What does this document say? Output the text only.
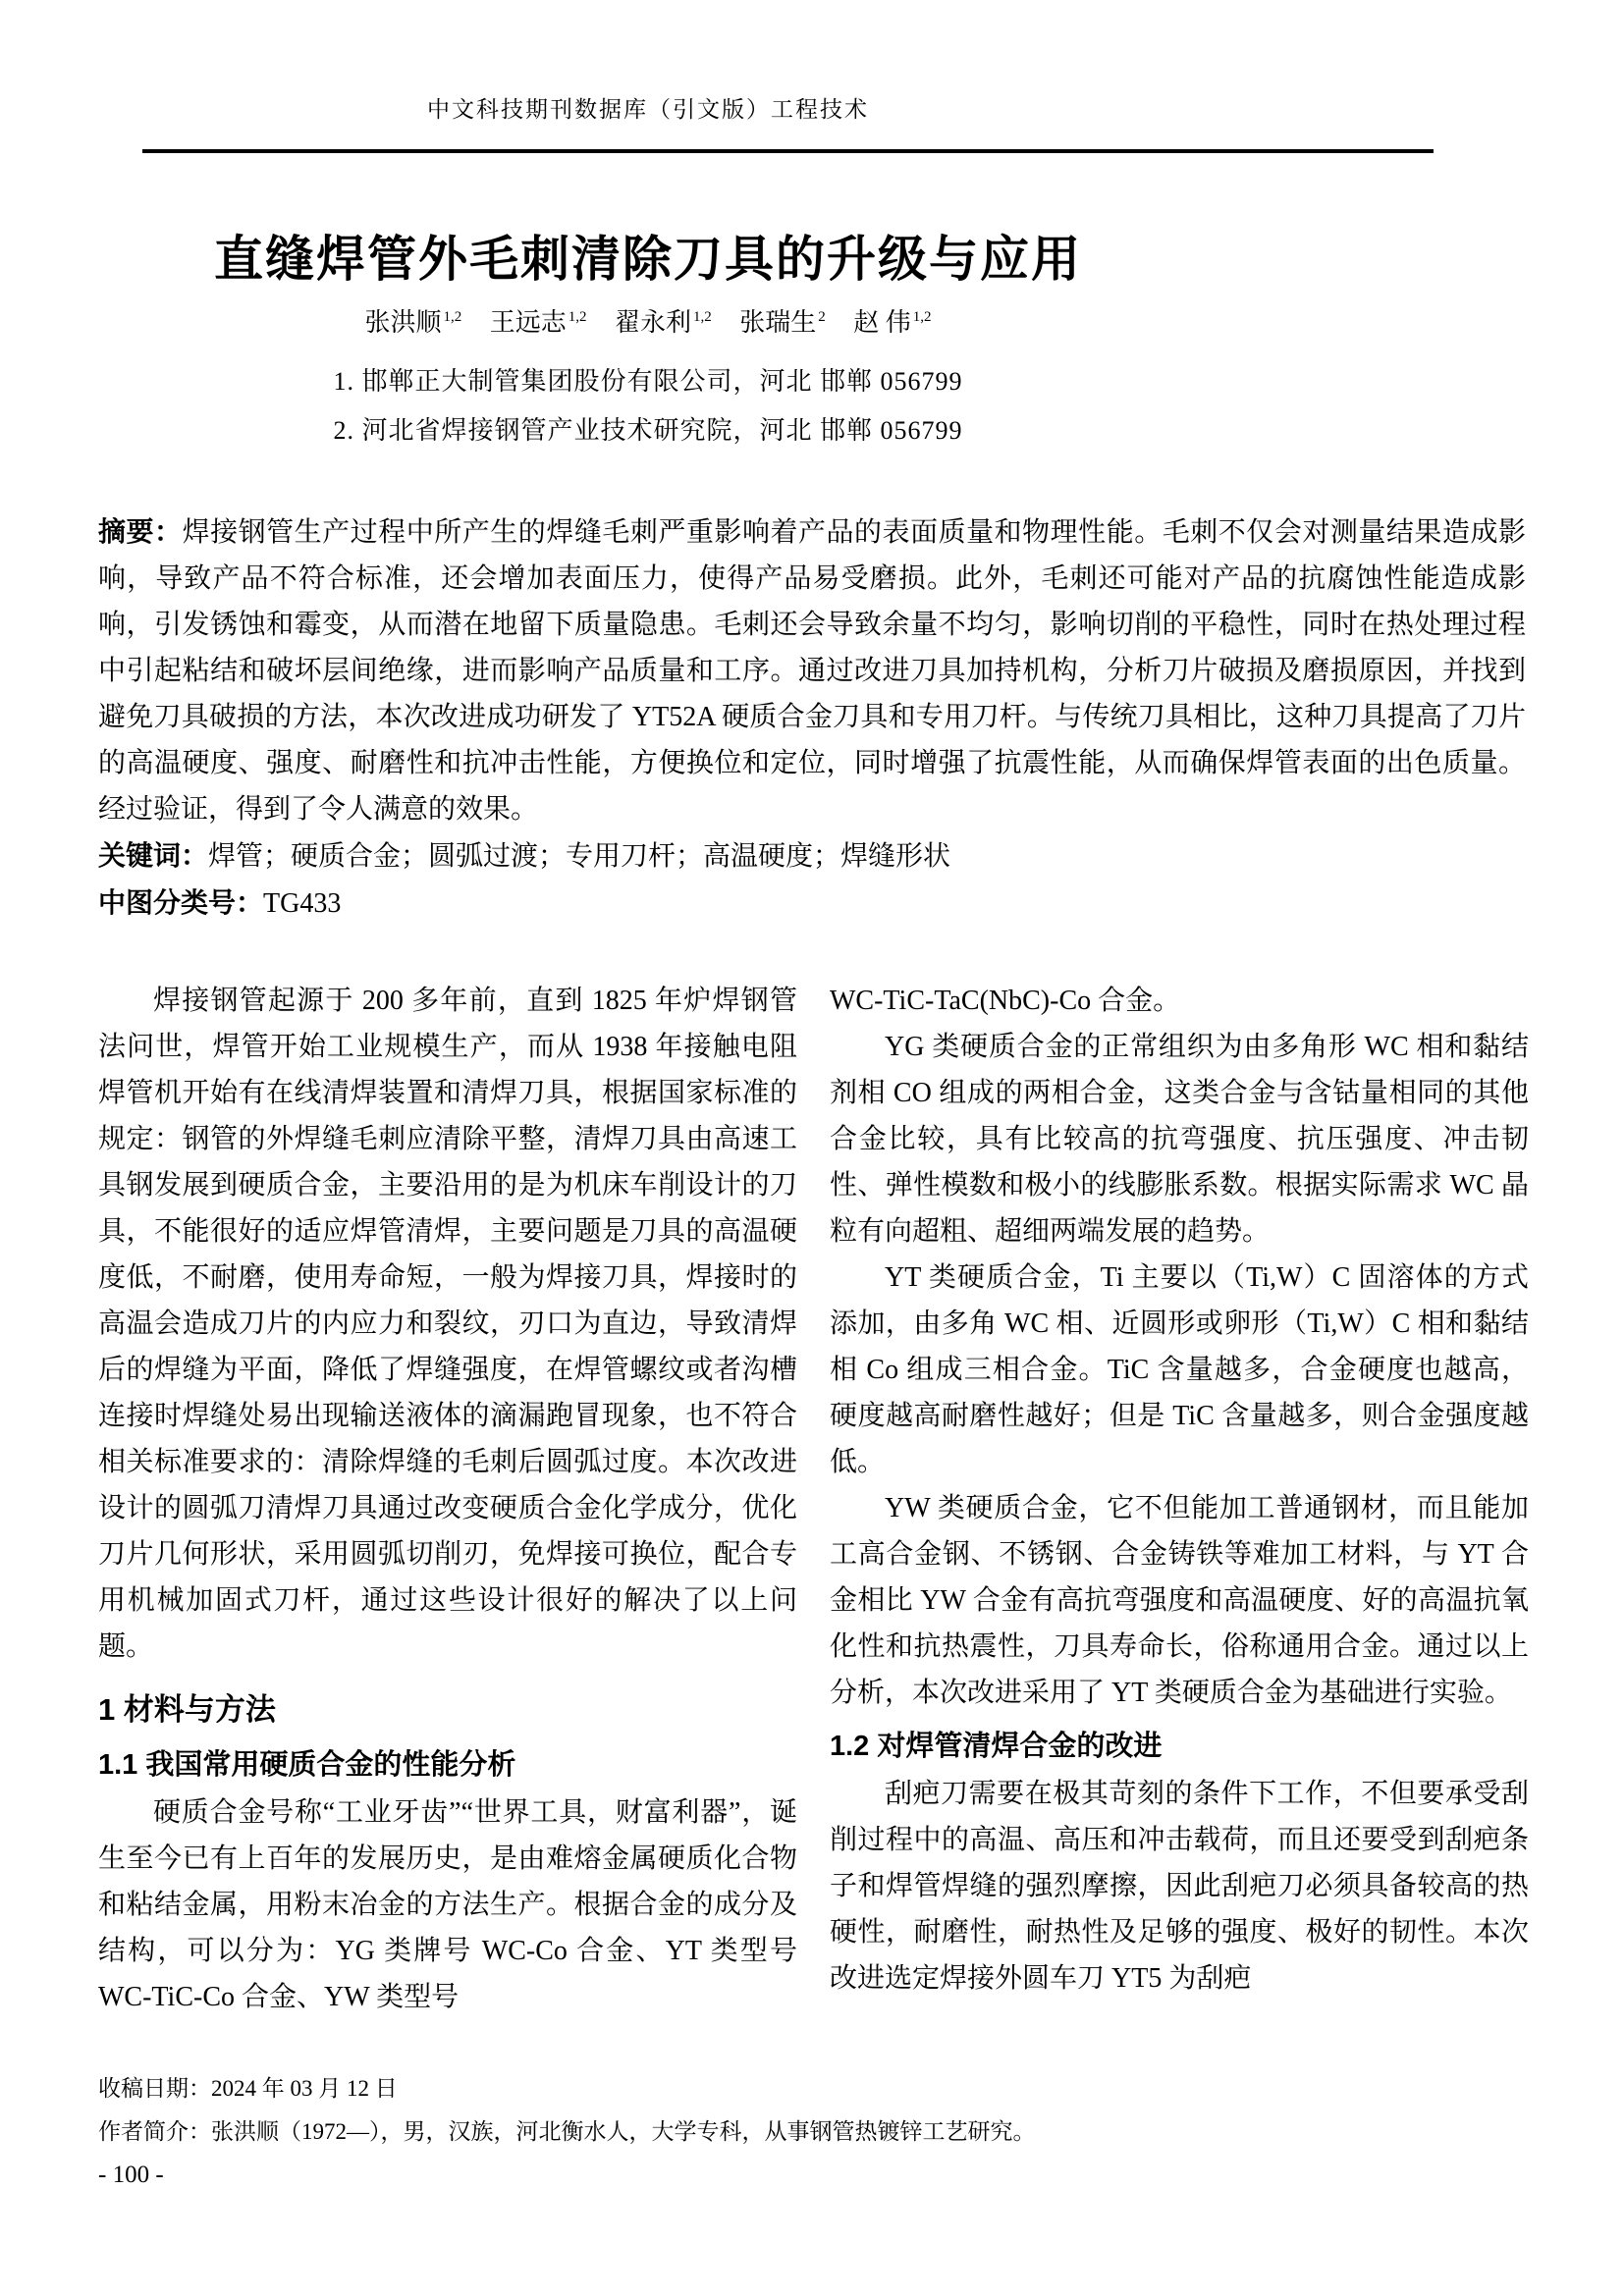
中文科技期刊数据库（引文版）工程技术
直缝焊管外毛刺清除刀具的升级与应用
张洪顺 $^{1,2}$ 王远志 $^{1,2}$ 翟永利 $^{1,2}$ 张瑞生 $^2$ 赵 伟 $^{1,2}$
1. 邯郸正大制管集团股份有限公司，河北 邯郸 056799
2. 河北省焊接钢管产业技术研究院，河北 邯郸 056799

摘要：焊接钢管生产过程中所产生的焊缝毛刺严重影响着产品的表面质量和物理性能。毛刺不仅会对测量结果造成影响，导致产品不符合标准，还会增加表面压力，使得产品易受磨损。此外，毛刺还可能对产品的抗腐蚀性能造成影响，引发锈蚀和霉变，从而潜在地留下质量隐患。毛刺还会导致余量不均匀，影响切削的平稳性，同时在热处理过程中引起粘结和破坏层间绝缘，进而影响产品质量和工序。通过改进刀具加持机构，分析刀片破损及磨损原因，并找到避免刀具破损的方法，本次改进成功研发了 YT52A 硬质合金刀具和专用刀杆。与传统刀具相比，这种刀具提高了刀片的高温硬度、强度、耐磨性和抗冲击性能，方便换位和定位，同时增强了抗震性能，从而确保焊管表面的出色质量。经过验证，得到了令人满意的效果。

关键词：焊管；硬质合金；圆弧过渡；专用刀杆；高温硬度；焊缝形状

中图分类号：TG433

焊接钢管起源于 200 多年前，直到 1825 年炉焊钢管法问世，焊管开始工业规模生产，而从 1938 年接触电阻焊管机开始有在线清焊装置和清焊刀具，根据国家标准的规定：钢管的外焊缝毛刺应清除平整，清焊刀具由高速工具钢发展到硬质合金，主要沿用的是为机床车削设计的刀具，不能很好的适应焊管清焊，主要问题是刀具的高温硬度低，不耐磨，使用寿命短，一般为焊接刀具，焊接时的高温会造成刀片的内应力和裂纹，刃口为直边，导致清焊后的焊缝为平面，降低了焊缝强度，在焊管螺纹或者沟槽连接时焊缝处易出现输送液体的滴漏跑冒现象，也不符合相关标准要求的：清除焊缝的毛刺后圆弧过度。本次改进设计的圆弧刀清焊刀具通过改变硬质合金化学成分，优化刀片几何形状，采用圆弧切削刃，免焊接可换位，配合专用机械加固式刀杆，通过这些设计很好的解决了以上问题。

1 材料与方法
1.1 我国常用硬质合金的性能分析

硬质合金号称“工业牙齿”“世界工具，财富利器”，诞生至今已有上百年的发展历史，是由难熔金属硬质化合物和粘结金属，用粉末冶金的方法生产。根据合金的成分及结构，可以分为：YG 类牌号 WC-Co 合金、YT 类型号 WC-TiC-Co 合金、YW 类型号

WC-TiC-TaC(NbC)-Co 合金。

YG 类硬质合金的正常组织为由多角形 WC 相和黏结剂相 CO 组成的两相合金，这类合金与含钴量相同的其他合金比较，具有比较高的抗弯强度、抗压强度、冲击韧性、弹性模数和极小的线膨胀系数。根据实际需求 WC 晶粒有向超粗、超细两端发展的趋势。

YT 类硬质合金，Ti 主要以（Ti,W）C 固溶体的方式添加，由多角 WC 相、近圆形或卵形（Ti,W）C 相和黏结相 Co 组成三相合金。TiC 含量越多，合金硬度也越高，硬度越高耐磨性越好；但是 TiC 含量越多，则合金强度越低。

YW 类硬质合金，它不但能加工普通钢材，而且能加工高合金钢、不锈钢、合金铸铁等难加工材料，与 YT 合金相比 YW 合金有高抗弯强度和高温硬度、好的高温抗氧化性和抗热震性，刀具寿命长，俗称通用合金。通过以上分析，本次改进采用了 YT 类硬质合金为基础进行实验。

1.2 对焊管清焊合金的改进

刮疤刀需要在极其苛刻的条件下工作，不但要承受刮削过程中的高温、高压和冲击载荷，而且还要受到刮疤条子和焊管焊缝的强烈摩擦，因此刮疤刀必须具备较高的热硬性，耐磨性，耐热性及足够的强度、极好的韧性。本次改进选定焊接外圆车刀 YT5 为刮疤

收稿日期：2024 年 03 月 12 日
作者简介：张洪顺（1972—），男，汉族，河北衡水人，大学专科，从事钢管热镀锌工艺研究。
- 100 -
